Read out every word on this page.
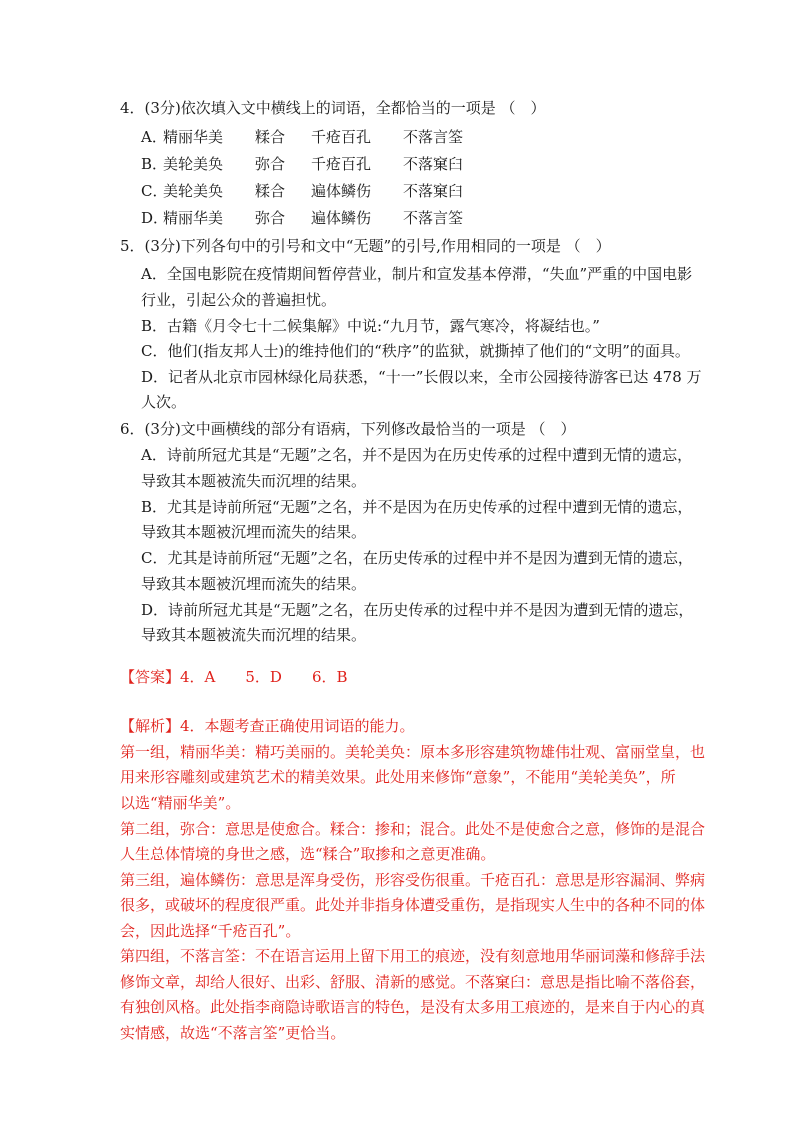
4．(3分)依次填入文中横线上的词语，全都恰当的一项是 （　）
A．
精丽华美 糅合 千疮百孔 不落言筌
B．
美轮美奂 弥合 千疮百孔 不落窠臼
C．
美轮美奂 糅合 遍体鳞伤 不落窠臼
D．
精丽华美 弥合 遍体鳞伤 不落言筌
5．(3分)下列各句中的引号和文中“无题”的引号,作用相同的一项是 （　）
A．全国电影院在疫情期间暂停营业，制片和宣发基本停滞，“失血”严重的中国电影
行业，引起公众的普遍担忧。
B．古籍《月令七十二候集解》中说:“九月节，露气寒冷，将凝结也。”
C．他们(指友邦人士)的维持他们的“秩序”的监狱，就撕掉了他们的“文明”的面具。
D．记者从北京市园林绿化局获悉，“十一”长假以来，全市公园接待游客已达 478 万
人次。
6．(3分)文中画横线的部分有语病，下列修改最恰当的一项是 （　）
A．诗前所冠尤其是“无题”之名，并不是因为在历史传承的过程中遭到无情的遗忘，
导致其本题被流失而沉埋的结果。
B．尤其是诗前所冠“无题”之名，并不是因为在历史传承的过程中遭到无情的遗忘，
导致其本题被沉埋而流失的结果。
C．尤其是诗前所冠“无题”之名，在历史传承的过程中并不是因为遭到无情的遗忘，
导致其本题被沉埋而流失的结果。
D．诗前所冠尤其是“无题”之名，在历史传承的过程中并不是因为遭到无情的遗忘，
导致其本题被流失而沉埋的结果。
【答案】4．A　　5．D　　6．B
【解析】4．本题考查正确使用词语的能力。
第一组，精丽华美：精巧美丽的。美轮美奂：原本多形容建筑物雄伟壮观、富丽堂皇，也
用来形容雕刻或建筑艺术的精美效果。此处用来修饰“意象”，不能用“美轮美奂”，所
以选“精丽华美”。
第二组，弥合：意思是使愈合。糅合：掺和；混合。此处不是使愈合之意，修饰的是混合
人生总体情境的身世之感，选“糅合”取掺和之意更准确。
第三组，遍体鳞伤：意思是浑身受伤，形容受伤很重。千疮百孔：意思是形容漏洞、弊病
很多，或破坏的程度很严重。此处并非指身体遭受重伤，是指现实人生中的各种不同的体
会，因此选择“千疮百孔”。
第四组，不落言筌：不在语言运用上留下用工的痕迹，没有刻意地用华丽词藻和修辞手法
修饰文章，却给人很好、出彩、舒服、清新的感觉。不落窠臼：意思是指比喻不落俗套，
有独创风格。此处指李商隐诗歌语言的特色，是没有太多用工痕迹的，是来自于内心的真
实情感，故选“不落言筌”更恰当。
